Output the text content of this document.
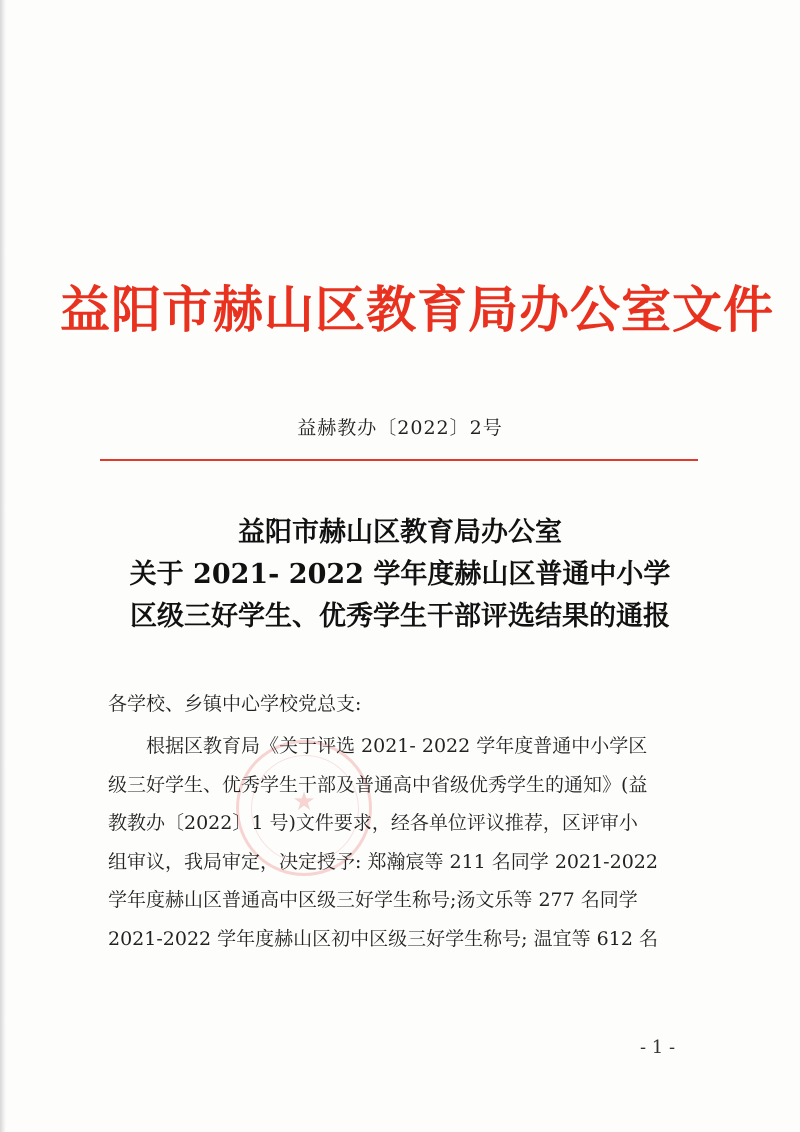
益阳市赫山区教育局办公室文件
益赫教办〔2022〕2号
益阳市赫山区教育局办公室
关于 2021- 2022 学年度赫山区普通中小学
区级三好学生、优秀学生干部评选结果的通报
各学校、乡镇中心学校党总支:
★
根据区教育局《关于评选 2021- 2022 学年度普通中小学区
级三好学生、优秀学生干部及普通高中省级优秀学生的通知》(益
教教办〔2022〕1 号)文件要求，经各单位评议推荐，区评审小
组审议，我局审定，决定授予: 郑瀚宸等 211 名同学 2021-2022
学年度赫山区普通高中区级三好学生称号;汤文乐等 277 名同学
2021-2022 学年度赫山区初中区级三好学生称号; 温宜等 612 名
- 1 -
